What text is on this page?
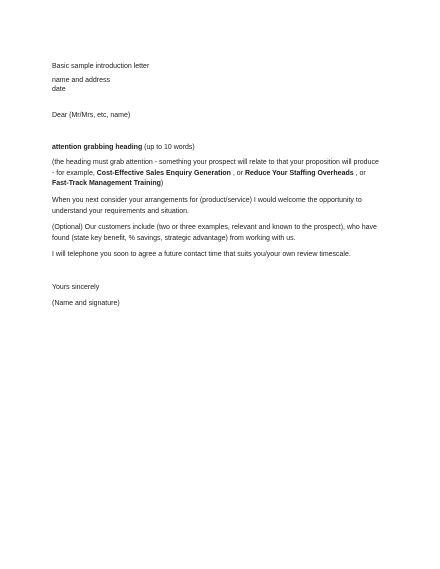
Basic sample introduction letter
name and address
date
Dear (Mr/Mrs, etc, name)
attention grabbing heading (up to 10 words)
(the heading must grab attention - something your prospect will relate to that your proposition will produce - for example, Cost-Effective Sales Enquiry Generation , or Reduce Your Staffing Overheads , or
Fast-Track Management Training)
When you next consider your arrangements for (product/service) I would welcome the opportunity to understand your requirements and situation.
(Optional) Our customers include (two or three examples, relevant and known to the prospect), who have found (state key benefit, % savings, strategic advantage) from working with us.
I will telephone you soon to agree a future contact time that suits you/your own review timescale.
Yours sincerely
(Name and signature)
